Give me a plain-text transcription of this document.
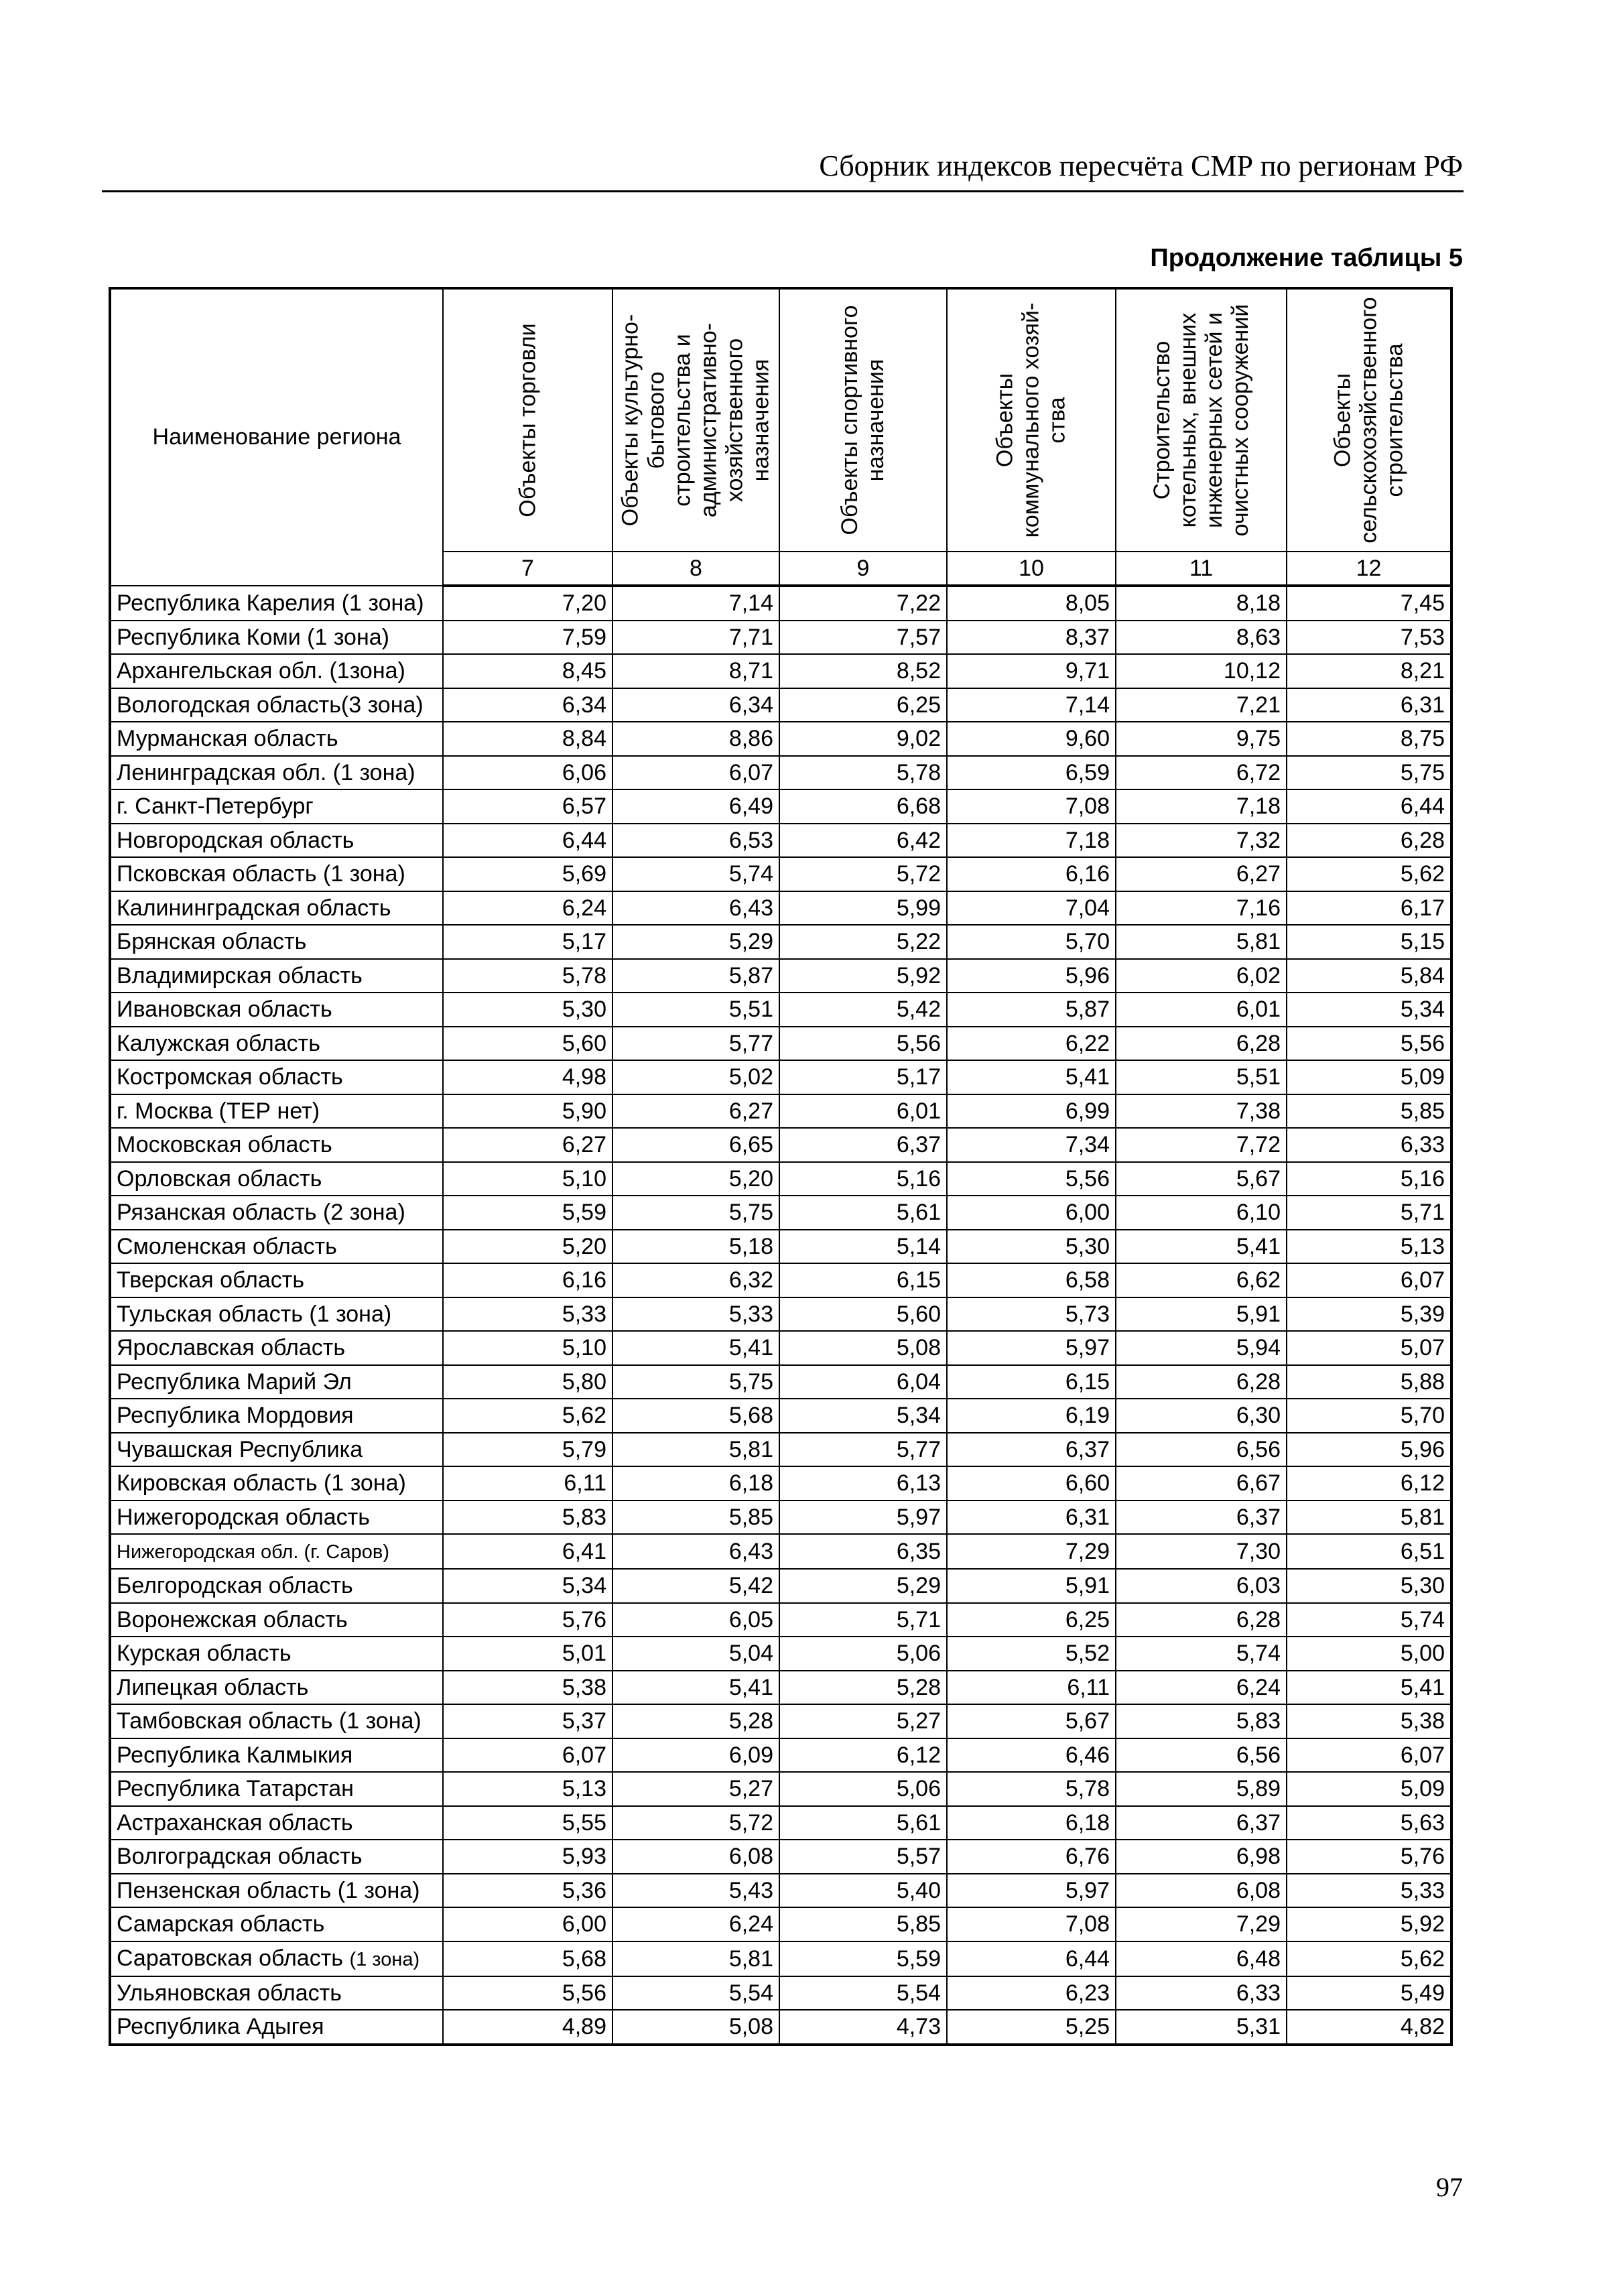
Сборник индексов пересчёта СМР по регионам РФ
Продолжение таблицы 5
Наименование региона	Объекты торговли	Объекты культурно-бытового строительства и административно-хозяйственного назначения	Объекты спортивного назначения	Объекты коммунального хозяй-ства	Строительство котельных, внешних инженерных сетей и очистных сооружений	Объекты сельскохозяйственного строительства

	7	8	9	10	11	12
Республика Карелия (1 зона)	7,20	7,14	7,22	8,05	8,18	7,45
Республика Коми (1 зона)	7,59	7,71	7,57	8,37	8,63	7,53
Архангельская обл. (1зона)	8,45	8,71	8,52	9,71	10,12	8,21
Вологодская область(3 зона)	6,34	6,34	6,25	7,14	7,21	6,31
Мурманская область	8,84	8,86	9,02	9,60	9,75	8,75
Ленинградская обл. (1 зона)	6,06	6,07	5,78	6,59	6,72	5,75
г. Санкт-Петербург	6,57	6,49	6,68	7,08	7,18	6,44
Новгородская область	6,44	6,53	6,42	7,18	7,32	6,28
Псковская область (1 зона)	5,69	5,74	5,72	6,16	6,27	5,62
Калининградская область	6,24	6,43	5,99	7,04	7,16	6,17
Брянская область	5,17	5,29	5,22	5,70	5,81	5,15
Владимирская область	5,78	5,87	5,92	5,96	6,02	5,84
Ивановская область	5,30	5,51	5,42	5,87	6,01	5,34
Калужская область	5,60	5,77	5,56	6,22	6,28	5,56
Костромская область	4,98	5,02	5,17	5,41	5,51	5,09
г. Москва (ТЕР нет)	5,90	6,27	6,01	6,99	7,38	5,85
Московская область	6,27	6,65	6,37	7,34	7,72	6,33
Орловская область	5,10	5,20	5,16	5,56	5,67	5,16
Рязанская область (2 зона)	5,59	5,75	5,61	6,00	6,10	5,71
Смоленская область	5,20	5,18	5,14	5,30	5,41	5,13
Тверская область	6,16	6,32	6,15	6,58	6,62	6,07
Тульская область (1 зона)	5,33	5,33	5,60	5,73	5,91	5,39
Ярославская область	5,10	5,41	5,08	5,97	5,94	5,07
Республика Марий Эл	5,80	5,75	6,04	6,15	6,28	5,88
Республика Мордовия	5,62	5,68	5,34	6,19	6,30	5,70
Чувашская Республика	5,79	5,81	5,77	6,37	6,56	5,96
Кировская область (1 зона)	6,11	6,18	6,13	6,60	6,67	6,12
Нижегородская область	5,83	5,85	5,97	6,31	6,37	5,81
Нижегородская обл. (г. Саров)	6,41	6,43	6,35	7,29	7,30	6,51
Белгородская область	5,34	5,42	5,29	5,91	6,03	5,30
Воронежская область	5,76	6,05	5,71	6,25	6,28	5,74
Курская область	5,01	5,04	5,06	5,52	5,74	5,00
Липецкая область	5,38	5,41	5,28	6,11	6,24	5,41
Тамбовская область (1 зона)	5,37	5,28	5,27	5,67	5,83	5,38
Республика Калмыкия	6,07	6,09	6,12	6,46	6,56	6,07
Республика Татарстан	5,13	5,27	5,06	5,78	5,89	5,09
Астраханская область	5,55	5,72	5,61	6,18	6,37	5,63
Волгоградская область	5,93	6,08	5,57	6,76	6,98	5,76
Пензенская область (1 зона)	5,36	5,43	5,40	5,97	6,08	5,33
Самарская область	6,00	6,24	5,85	7,08	7,29	5,92
Саратовская область (1 зона)	5,68	5,81	5,59	6,44	6,48	5,62
Ульяновская область	5,56	5,54	5,54	6,23	6,33	5,49
Республика Адыгея	4,89	5,08	4,73	5,25	5,31	4,82
97
